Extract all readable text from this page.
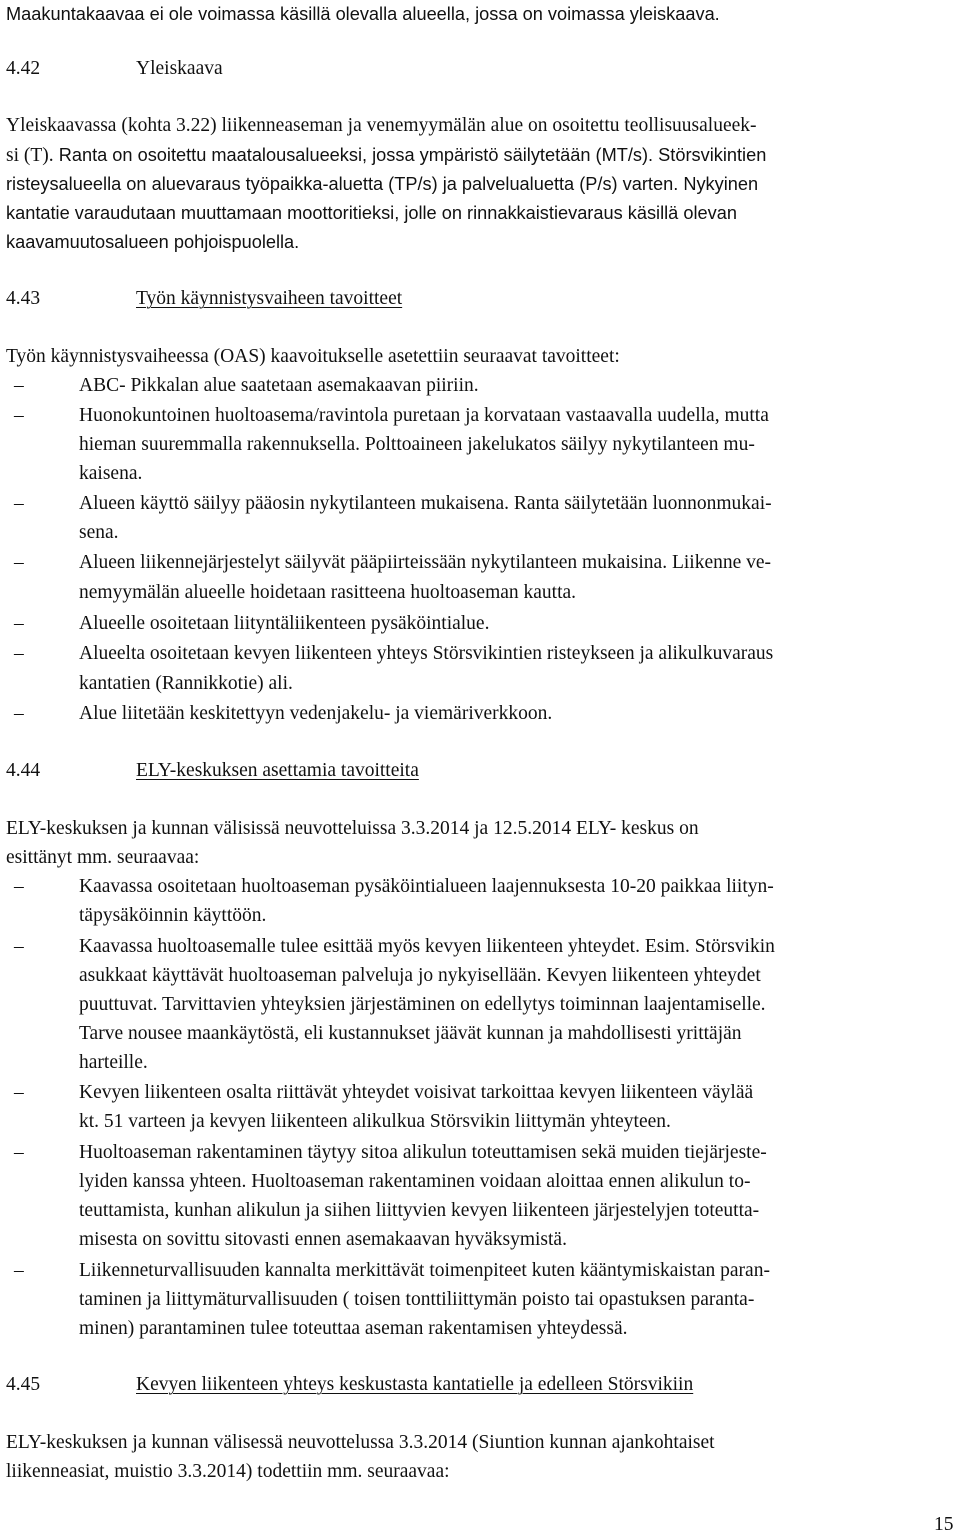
Maakuntakaavaa ei ole voimassa käsillä olevalla alueella, jossa on voimassa yleiskaava.
4.42	Yleiskaava
Yleiskaavassa (kohta 3.22) liikenneaseman ja venemyymälän alue on osoitettu teollisuusalueek-
si (T). Ranta on osoitettu maatalousalueeksi, jossa ympäristö säilytetään (MT/s). Störsvikintien
risteysalueella on aluevaraus työpaikka-aluetta (TP/s) ja palvelualuetta (P/s) varten. Nykyinen
kantatie varaudutaan muuttamaan moottoritieksi, jolle on rinnakkaistievaraus käsillä olevan
kaavamuutosalueen pohjoispuolella.
4.43	Työn käynnistysvaiheen tavoitteet
Työn käynnistysvaiheessa (OAS) kaavoitukselle asetettiin seuraavat tavoitteet:
–	ABC- Pikkalan alue saatetaan asemakaavan piiriin.
–	Huonokuntoinen huoltoasema/ravintola puretaan ja korvataan vastaavalla uudella, mutta
hieman suuremmalla rakennuksella. Polttoaineen jakelukatos säilyy nykytilanteen mu-
kaisena.
–	Alueen käyttö säilyy pääosin nykytilanteen mukaisena. Ranta säilytetään luonnonmukai-
sena.
–	Alueen liikennejärjestelyt säilyvät pääpiirteissään nykytilanteen mukaisina. Liikenne ve-
nemyymälän alueelle hoidetaan rasitteena huoltoaseman kautta.
–	Alueelle osoitetaan liityntäliikenteen pysäköintialue.
–	Alueelta osoitetaan kevyen liikenteen yhteys Störsvikintien risteykseen ja alikulkuvaraus
kantatien (Rannikkotie) ali.
–	Alue liitetään keskitettyyn vedenjakelu- ja viemäriverkkoon.
4.44	ELY-keskuksen asettamia tavoitteita
ELY-keskuksen ja kunnan välisissä neuvotteluissa 3.3.2014 ja 12.5.2014 ELY- keskus on
esittänyt mm. seuraavaa:
–	Kaavassa osoitetaan huoltoaseman pysäköintialueen laajennuksesta 10-20 paikkaa liityn-
täpysäköinnin käyttöön.
–	Kaavassa huoltoasemalle tulee esittää myös kevyen liikenteen yhteydet. Esim. Störsvikin
asukkaat käyttävät huoltoaseman palveluja jo nykyisellään. Kevyen liikenteen yhteydet
puuttuvat. Tarvittavien yhteyksien järjestäminen on edellytys toiminnan laajentamiselle.
Tarve nousee maankäytöstä, eli kustannukset jäävät kunnan ja mahdollisesti yrittäjän
harteille.
–	Kevyen liikenteen osalta riittävät yhteydet voisivat tarkoittaa kevyen liikenteen väylää
kt. 51 varteen ja kevyen liikenteen alikulkua Störsvikin liittymän yhteyteen.
–	Huoltoaseman rakentaminen täytyy sitoa alikulun toteuttamisen sekä muiden tiejärjeste-
lyiden kanssa yhteen. Huoltoaseman rakentaminen voidaan aloittaa ennen alikulun to-
teuttamista, kunhan alikulun ja siihen liittyvien kevyen liikenteen järjestelyjen toteutta-
misesta on sovittu sitovasti ennen asemakaavan hyväksymistä.
–	Liikenneturvallisuuden kannalta merkittävät toimenpiteet kuten kääntymiskaistan paran-
taminen ja liittymäturvallisuuden ( toisen tonttiliittymän poisto tai opastuksen paranta-
minen) parantaminen tulee toteuttaa aseman rakentamisen yhteydessä.
4.45	Kevyen liikenteen yhteys keskustasta kantatielle ja edelleen Störsvikiin
ELY-keskuksen ja kunnan välisessä neuvottelussa 3.3.2014 (Siuntion kunnan ajankohtaiset
liikenneasiat, muistio 3.3.2014) todettiin mm. seuraavaa:
15
